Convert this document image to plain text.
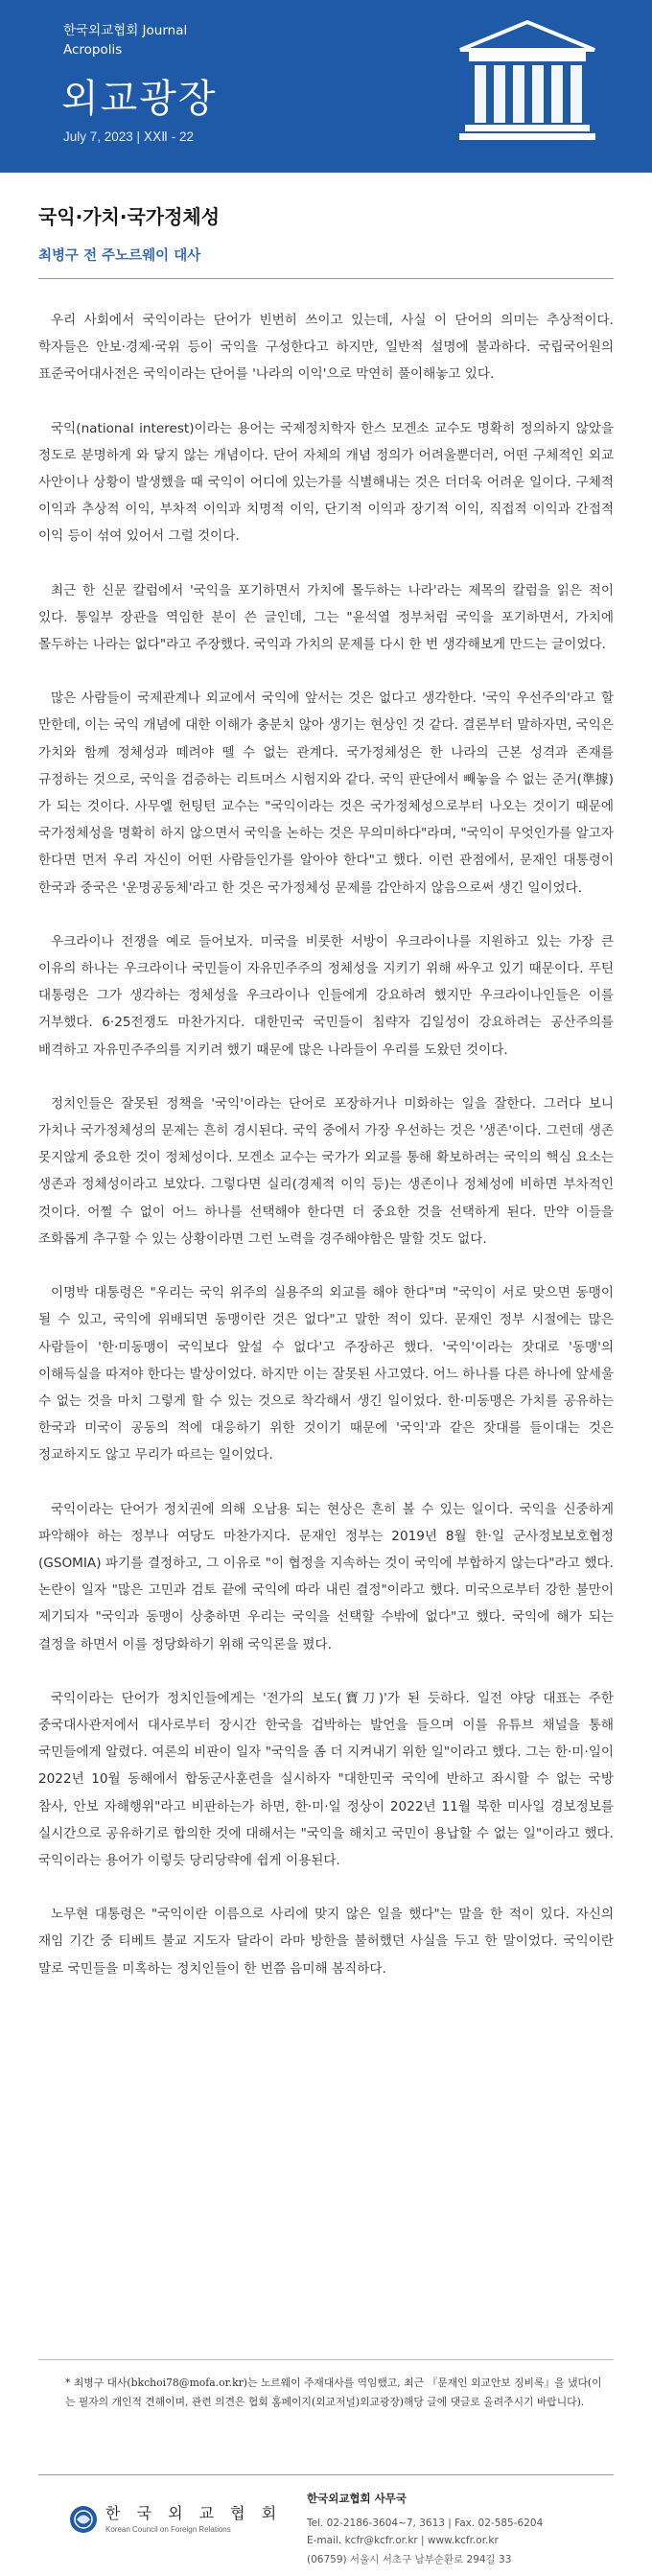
한국외교협회 Journal
Acropolis
외교광장
July 7, 2023 | ⅩⅩⅡ - 22
국익·가치·국가정체성
최병구 전 주노르웨이 대사

우리 사회에서 국익이라는 단어가 빈번히 쓰이고 있는데, 사실 이 단어의 의미는 추상적이다. 학자들은 안보·경제·국위 등이 국익을 구성한다고 하지만, 일반적 설명에 불과하다. 국립국어원의 표준국어대사전은 국익이라는 단어를 '나라의 이익'으로 막연히 풀이해놓고 있다.

국익(national interest)이라는 용어는 국제정치학자 한스 모겐소 교수도 명확히 정의하지 않았을 정도로 분명하게 와 닿지 않는 개념이다. 단어 자체의 개념 정의가 어려울뿐더러, 어떤 구체적인 외교 사안이나 상황이 발생했을 때 국익이 어디에 있는가를 식별해내는 것은 더더욱 어려운 일이다. 구체적 이익과 추상적 이익, 부차적 이익과 치명적 이익, 단기적 이익과 장기적 이익, 직접적 이익과 간접적 이익 등이 섞여 있어서 그럴 것이다.

최근 한 신문 칼럼에서 '국익을 포기하면서 가치에 몰두하는 나라'라는 제목의 칼럼을 읽은 적이 있다. 통일부 장관을 역임한 분이 쓴 글인데, 그는 "윤석열 정부처럼 국익을 포기하면서, 가치에 몰두하는 나라는 없다"라고 주장했다. 국익과 가치의 문제를 다시 한 번 생각해보게 만드는 글이었다.

많은 사람들이 국제관계나 외교에서 국익에 앞서는 것은 없다고 생각한다. '국익 우선주의'라고 할 만한데, 이는 국익 개념에 대한 이해가 충분치 않아 생기는 현상인 것 같다. 결론부터 말하자면, 국익은 가치와 함께 정체성과 떼려야 뗄 수 없는 관계다. 국가정체성은 한 나라의 근본 성격과 존재를 규정하는 것으로, 국익을 검증하는 리트머스 시험지와 같다. 국익 판단에서 빼놓을 수 없는 준거(準據)가 되는 것이다. 사무엘 헌팅턴 교수는 "국익이라는 것은 국가정체성으로부터 나오는 것이기 때문에 국가정체성을 명확히 하지 않으면서 국익을 논하는 것은 무의미하다"라며, "국익이 무엇인가를 알고자 한다면 먼저 우리 자신이 어떤 사람들인가를 알아야 한다"고 했다. 이런 관점에서, 문재인 대통령이 한국과 중국은 '운명공동체'라고 한 것은 국가정체성 문제를 감안하지 않음으로써 생긴 일이었다.

우크라이나 전쟁을 예로 들어보자. 미국을 비롯한 서방이 우크라이나를 지원하고 있는 가장 큰 이유의 하나는 우크라이나 국민들이 자유민주주의 정체성을 지키기 위해 싸우고 있기 때문이다. 푸틴 대통령은 그가 생각하는 정체성을 우크라이나 인들에게 강요하려 했지만 우크라이나인들은 이를 거부했다. 6·25전쟁도 마찬가지다. 대한민국 국민들이 침략자 김일성이 강요하려는 공산주의를 배격하고 자유민주주의를 지키려 했기 때문에 많은 나라들이 우리를 도왔던 것이다.

정치인들은 잘못된 정책을 '국익'이라는 단어로 포장하거나 미화하는 일을 잘한다. 그러다 보니 가치나 국가정체성의 문제는 흔히 경시된다. 국익 중에서 가장 우선하는 것은 '생존'이다. 그런데 생존 못지않게 중요한 것이 정체성이다. 모겐소 교수는 국가가 외교를 통해 확보하려는 국익의 핵심 요소는 생존과 정체성이라고 보았다. 그렇다면 실리(경제적 이익 등)는 생존이나 정체성에 비하면 부차적인 것이다. 어쩔 수 없이 어느 하나를 선택해야 한다면 더 중요한 것을 선택하게 된다. 만약 이들을 조화롭게 추구할 수 있는 상황이라면 그런 노력을 경주해야함은 말할 것도 없다.

이명박 대통령은 "우리는 국익 위주의 실용주의 외교를 해야 한다"며 "국익이 서로 맞으면 동맹이 될 수 있고, 국익에 위배되면 동맹이란 것은 없다"고 말한 적이 있다. 문재인 정부 시절에는 많은 사람들이 '한·미동맹이 국익보다 앞설 수 없다'고 주장하곤 했다. '국익'이라는 잣대로 '동맹'의 이해득실을 따져야 한다는 발상이었다. 하지만 이는 잘못된 사고였다. 어느 하나를 다른 하나에 앞세울 수 없는 것을 마치 그렇게 할 수 있는 것으로 착각해서 생긴 일이었다. 한·미동맹은 가치를 공유하는 한국과 미국이 공동의 적에 대응하기 위한 것이기 때문에 '국익'과 같은 잣대를 들이대는 것은 정교하지도 않고 무리가 따르는 일이었다.

국익이라는 단어가 정치권에 의해 오남용 되는 현상은 흔히 볼 수 있는 일이다. 국익을 신중하게 파악해야 하는 정부나 여당도 마찬가지다. 문재인 정부는 2019년 8월 한·일 군사정보보호협정(GSOMIA) 파기를 결정하고, 그 이유로 "이 협정을 지속하는 것이 국익에 부합하지 않는다"라고 했다. 논란이 일자 "많은 고민과 검토 끝에 국익에 따라 내린 결정"이라고 했다. 미국으로부터 강한 불만이 제기되자 "국익과 동맹이 상충하면 우리는 국익을 선택할 수밖에 없다"고 했다. 국익에 해가 되는 결정을 하면서 이를 정당화하기 위해 국익론을 폈다.

국익이라는 단어가 정치인들에게는 '전가의 보도(寶刀)'가 된 듯하다. 일전 야당 대표는 주한 중국대사관저에서 대사로부터 장시간 한국을 겁박하는 발언을 들으며 이를 유튜브 채널을 통해 국민들에게 알렸다. 여론의 비판이 일자 "국익을 좀 더 지켜내기 위한 일"이라고 했다. 그는 한·미·일이 2022년 10월 동해에서 합동군사훈련을 실시하자 "대한민국 국익에 반하고 좌시할 수 없는 국방 참사, 안보 자해행위"라고 비판하는가 하면, 한·미·일 정상이 2022년 11월 북한 미사일 경보정보를 실시간으로 공유하기로 합의한 것에 대해서는 "국익을 해치고 국민이 용납할 수 없는 일"이라고 했다. 국익이라는 용어가 이렇듯 당리당략에 쉽게 이용된다.

노무현 대통령은 "국익이란 이름으로 사리에 맞지 않은 일을 했다"는 말을 한 적이 있다. 자신의 재임 기간 중 티베트 불교 지도자 달라이 라마 방한을 불허했던 사실을 두고 한 말이었다. 국익이란 말로 국민들을 미혹하는 정치인들이 한 번쯤 음미해 봄직하다.

* 최병구 대사(bkchoi78@mofa.or.kr)는 노르웨이 주재대사를 역임했고, 최근 『문재인 외교안보 징비록』을 냈다(이는 필자의 개인적 견해이며, 관련 의견은 협회 홈페이지(외교저널)외교광장)해당 글에 댓글로 올려주시기 바랍니다).
한 국 외 교 협 회
Korean Council on Foreign Relations
한국외교협회 사무국
Tel. 02-2186-3604~7, 3613 | Fax. 02-585-6204
E-mail. kcfr@kcfr.or.kr | www.kcfr.or.kr
(06759) 서울시 서초구 남부순환로 294길 33
